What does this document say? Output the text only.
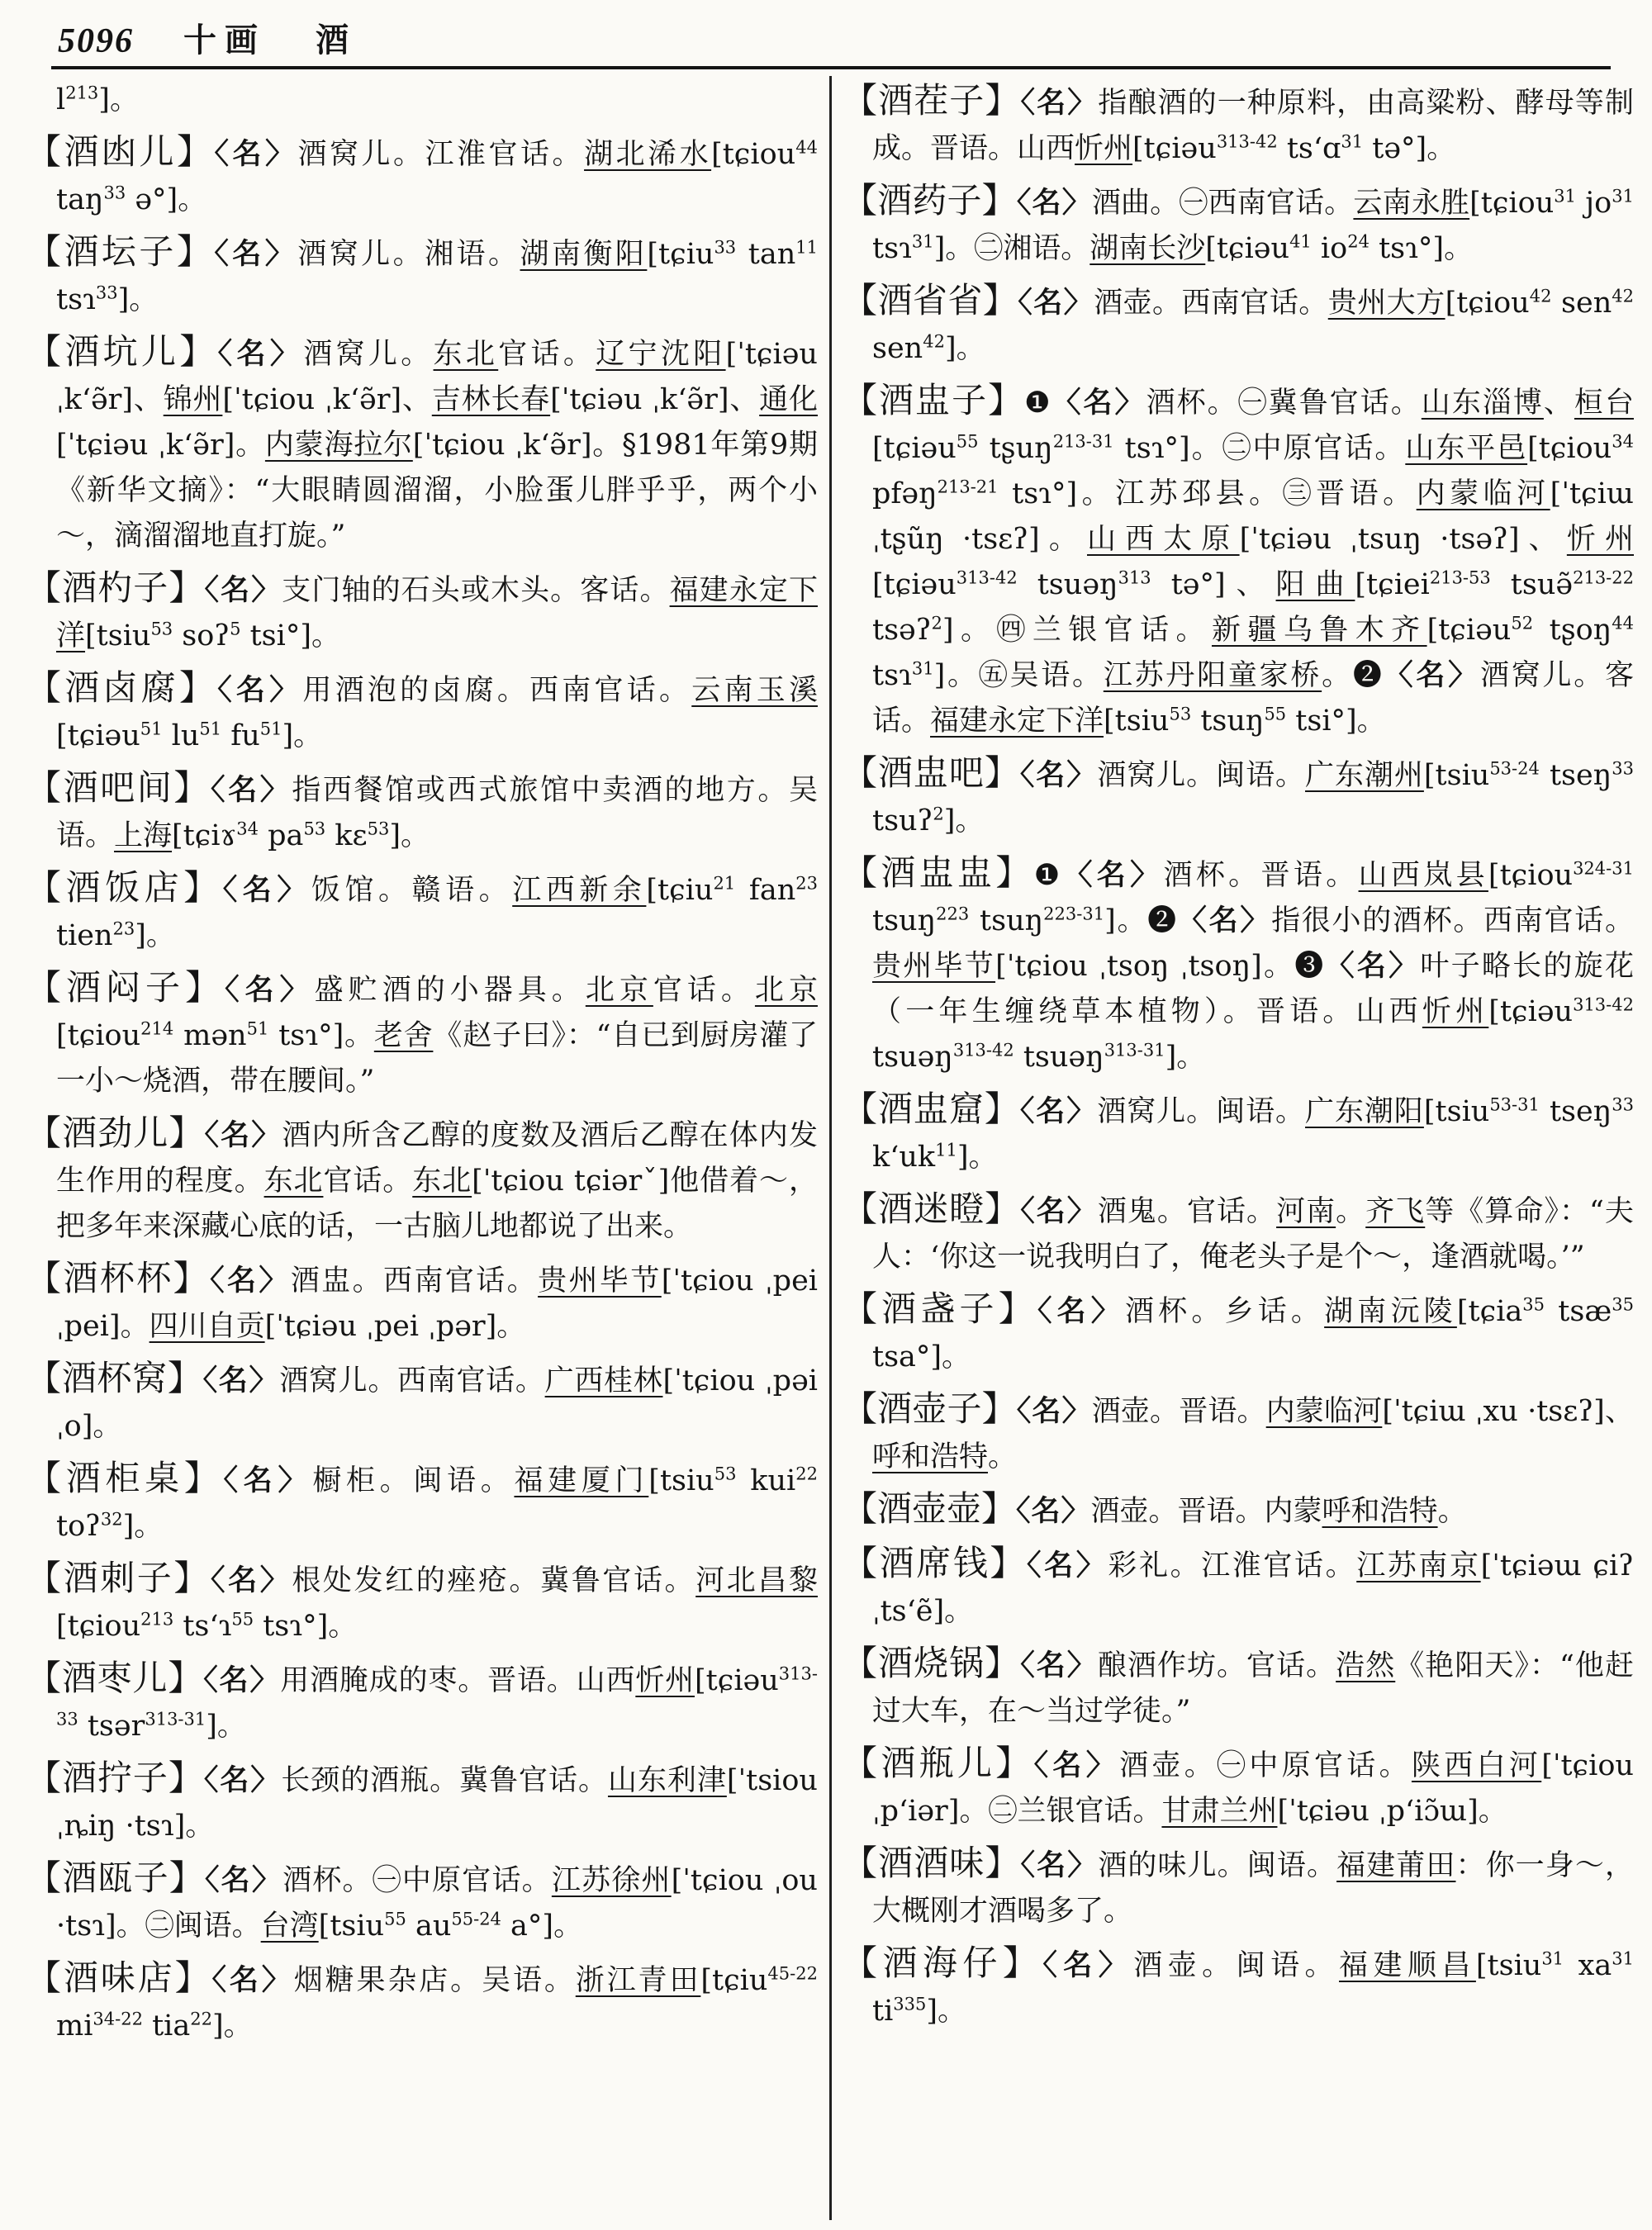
5096 十画 酒
$l^{213}$]。
【酒凼儿】〈名〉酒窝儿。江淮官话。湖北浠水[tɕiou$^{44}$ taŋ$^{33}$ ə°]。
【酒坛子】〈名〉酒窝儿。湘语。湖南衡阳[tɕiu$^{33}$ $\tan^{11}$ tsɿ$^{33}$]。
【酒坑儿】〈名〉酒窝儿。东北官话。辽宁沈阳[ˈtɕiəu ˌkʻə̃r]、锦州[ˈtɕiou ˌkʻə̃r]、吉林长春[ˈtɕiəu ˌkʻə̃r]、通化[ˈtɕiəu ˌkʻə̃r]。内蒙海拉尔[ˈtɕiou ˌkʻə̃r]。§1981年第9期《新华文摘》：“大眼睛圆溜溜，小脸蛋儿胖乎乎，两个小～，滴溜溜地直打旋。”
【酒杓子】〈名〉支门轴的石头或木头。客话。福建永定下洋[tsiu$^{53}$ soʔ$^5$ tsi°]。
【酒卤腐】〈名〉用酒泡的卤腐。西南官话。云南玉溪[tɕiəu$^{51}$ $lu^{51}$ $fu^{51}$]。
【酒吧间】〈名〉指西餐馆或西式旅馆中卖酒的地方。吴语。上海[tɕiɤ$^{34}$ $pa^{53}$ kɛ$^{53}$]。
【酒饭店】〈名〉饭馆。赣语。江西新余[tɕiu$^{21}$ fan$^{23}$ tien$^{23}$]。
【酒闷子】〈名〉盛贮酒的小器具。北京官话。北京[tɕiou$^{214}$ mən$^{51}$ tsɿ°]。老舍《赵子曰》：“自已到厨房灌了一小～烧酒，带在腰间。”
【酒劲儿】〈名〉酒内所含乙醇的度数及酒后乙醇在体内发生作用的程度。东北官话。东北[ˈtɕiou tɕiərˇ]他借着～，把多年来深藏心底的话，一古脑儿地都说了出来。
【酒杯杯】〈名〉酒盅。西南官话。贵州毕节[ˈtɕiou ˌpei ˌpei]。四川自贡[ˈtɕiəu ˌpei ˌpər]。
【酒杯窝】〈名〉酒窝儿。西南官话。广西桂林[ˈtɕiou ˌpəi ˌo]。
【酒柜桌】〈名〉橱柜。闽语。福建厦门[tsiu$^{53}$ kui$^{22}$ toʔ$^{32}$]。
【酒刺子】〈名〉根处发红的痤疮。冀鲁官话。河北昌黎[tɕiou$^{213}$ tsʻɿ$^{55}$ tsɿ°]。
【酒枣儿】〈名〉用酒腌成的枣。晋语。山西忻州[tɕiəu$^{313-33}$ tsər$^{313-31}$]。
【酒拧子】〈名〉长颈的酒瓶。冀鲁官话。山东利津[ˈtsiou ˌȵiŋ ·tsɿ]。
【酒瓯子】〈名〉酒杯。㊀中原官话。江苏徐州[ˈtɕiou ˌou ·tsɿ]。㊁闽语。台湾[tsiu$^{55}$ $au^{55-24}$ a°]。
【酒味店】〈名〉烟糖果杂店。吴语。浙江青田[tɕiu$^{45-22}$ $mi^{34-22}$ tia$^{22}$]。
【酒茬子】〈名〉指酿酒的一种原料，由高粱粉、酵母等制成。晋语。山西忻州[tɕiəu$^{313-42}$ tsʻɑ$^{31}$ tə°]。
【酒药子】〈名〉酒曲。㊀西南官话。云南永胜[tɕiou$^{31}$ $jo^{31}$ tsɿ$^{31}$]。㊁湘语。湖南长沙[tɕiəu$^{41}$ $io^{24}$ tsɿ°]。
【酒省省】〈名〉酒壶。西南官话。贵州大方[tɕiou$^{42}$ sen$^{42}$ sen$^{42}$]。
【酒盅子】❶〈名〉酒杯。㊀冀鲁官话。山东淄博、桓台[tɕiəu$^{55}$ tʂuŋ$^{213-31}$ tsɿ°]。㊁中原官话。山东平邑[tɕiou$^{34}$ pfəŋ$^{213-21}$ tsɿ°]。江苏邳县。㊂晋语。内蒙临河[ˈtɕiɯ ˌtʂũŋ ·tsɛʔ]。山西太原[ˈtɕiəu ˌtsuŋ ·tsəʔ]、忻州[tɕiəu$^{313-42}$ tsuəŋ$^{313}$ tə°]、阳曲[tɕiei$^{213-53}$ tsuə̃$^{213-22}$ tsəʔ$^2$]。㊃兰银官话。新疆乌鲁木齐[tɕiəu$^{52}$ tʂoŋ$^{44}$ tsɿ$^{31}$]。㊄吴语。江苏丹阳童家桥。❷〈名〉酒窝儿。客话。福建永定下洋[tsiu$^{53}$ tsuŋ$^{55}$ tsi°]。
【酒盅吧】〈名〉酒窝儿。闽语。广东潮州[tsiu$^{53-24}$ tseŋ$^{33}$ tsuʔ$^2$]。
【酒盅盅】❶〈名〉酒杯。晋语。山西岚县[tɕiou$^{324-31}$ tsuŋ$^{223}$ tsuŋ$^{223-31}$]。❷〈名〉指很小的酒杯。西南官话。贵州毕节[ˈtɕiou ˌtsoŋ ˌtsoŋ]。❸〈名〉叶子略长的旋花（一年生缠绕草本植物）。晋语。山西忻州[tɕiəu$^{313-42}$ tsuəŋ$^{313-42}$ tsuəŋ$^{313-31}$]。
【酒盅窟】〈名〉酒窝儿。闽语。广东潮阳[tsiu$^{53-31}$ tseŋ$^{33}$ kʻuk$^{11}$]。
【酒迷瞪】〈名〉酒鬼。官话。河南。齐飞等《算命》：“夫人：‘你这一说我明白了，俺老头子是个～，逢酒就喝。’”
【酒盏子】〈名〉酒杯。乡话。湖南沅陵[tɕia$^{35}$ tsæ$^{35}$ tsa°]。
【酒壶子】〈名〉酒壶。晋语。内蒙临河[ˈtɕiɯ ˌxu ·tsɛʔ]、呼和浩特。
【酒壶壶】〈名〉酒壶。晋语。内蒙呼和浩特。
【酒席钱】〈名〉彩礼。江淮官话。江苏南京[ˈtɕiəɯ ɕiʔ ˌtsʻẽ]。
【酒烧锅】〈名〉酿酒作坊。官话。浩然《艳阳天》：“他赶过大车，在～当过学徒。”
【酒瓶儿】〈名〉酒壶。㊀中原官话。陕西白河[ˈtɕiou ˌpʻiər]。㊁兰银官话。甘肃兰州[ˈtɕiəu ˌpʻiɔ̃ɯ]。
【酒酒味】〈名〉酒的味儿。闽语。福建莆田：你一身～，大概刚才酒喝多了。
【酒海仔】〈名〉酒壶。闽语。福建顺昌[tsiu$^{31}$ $xa^{31}$ $ti^{335}$]。
